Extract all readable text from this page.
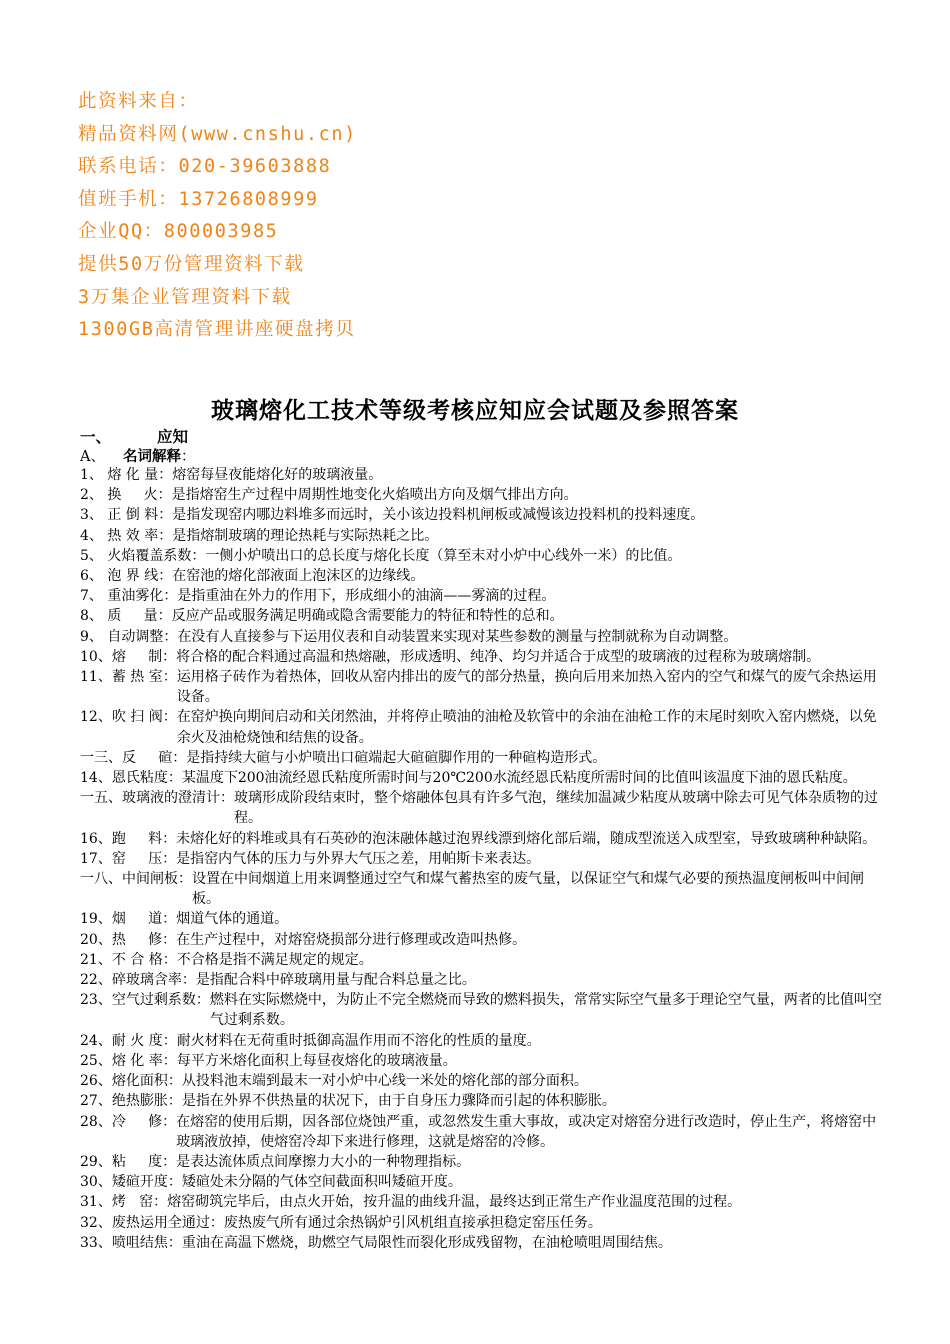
此资料来自：
精品资料网(www.cnshu.cn)
联系电话：020-39603888
值班手机：13726808999
企业QQ：800003985
提供50万份管理资料下载
3万集企业管理资料下载
1300GB高清管理讲座硬盘拷贝
玻璃熔化工技术等级考核应知应会试题及参照答案
一、	应知
A、 名词解释：
1、 熔 化 量： 熔窑每昼夜能熔化好的玻璃液量。
2、 换     火： 是指熔窑生产过程中周期性地变化火焰喷出方向及烟气排出方向。
3、 正 倒 料： 是指发现窑内哪边料堆多而远时，关小该边投料机闸板或减慢该边投料机的投料速度。
4、 热 效 率： 是指熔制玻璃的理论热耗与实际热耗之比。
5、 火焰覆盖系数： 一侧小炉喷出口的总长度与熔化长度（算至末对小炉中心线外一米）的比值。
6、 泡 界 线： 在窑池的熔化部液面上泡沫区的边缘线。
7、 重油雾化： 是指重油在外力的作用下，形成细小的油滴——雾滴的过程。
8、 质     量： 反应产品或服务满足明确或隐含需要能力的特征和特性的总和。
9、 自动调整： 在没有人直接参与下运用仪表和自动装置来实现对某些参数的测量与控制就称为自动调整。
10、熔     制： 将合格的配合料通过高温和热熔融，形成透明、纯净、均匀并适合于成型的玻璃液的过程称为玻璃熔制。
11、蓄 热 室： 运用格子砖作为着热体，回收从窑内排出的废气的部分热量，换向后用来加热入窑内的空气和煤气的废气余热运用设备。
12、吹 扫 阀： 在窑炉换向期间启动和关闭然油，并将停止喷油的油枪及软管中的余油在油枪工作的末尾时刻吹入窑内燃烧，以免余火及油枪烧蚀和结焦的设备。
一三、反     碹： 是指持续大碹与小炉喷出口碹端起大碹碹脚作用的一种碹构造形式。
14、恩氏粘度： 某温度下200油流经恩氏粘度所需时间与20℃200水流经恩氏粘度所需时间的比值叫该温度下油的恩氏粘度。
一五、玻璃液的澄清计： 玻璃形成阶段结束时，整个熔融体包具有许多气泡，继续加温减少粘度从玻璃中除去可见气体杂质物的过程。
16、跑     料： 未熔化好的料堆或具有石英砂的泡沫融体越过泡界线漂到熔化部后端，随成型流送入成型室，导致玻璃种种缺陷。
17、窑     压： 是指窑内气体的压力与外界大气压之差，用帕斯卡来表达。
一八、中间闸板： 设置在中间烟道上用来调整通过空气和煤气蓄热室的废气量，以保证空气和煤气必要的预热温度闸板叫中间闸板。
19、烟     道： 烟道气体的通道。
20、热     修： 在生产过程中，对熔窑烧损部分进行修理或改造叫热修。
21、不 合 格： 不合格是指不满足规定的规定。
22、碎玻璃含率： 是指配合料中碎玻璃用量与配合料总量之比。
23、空气过剩系数： 燃料在实际燃烧中，为防止不完全燃烧而导致的燃料损失，常常实际空气量多于理论空气量，两者的比值叫空气过剩系数。
24、耐 火 度： 耐火材料在无荷重时抵御高温作用而不溶化的性质的量度。
25、熔 化 率： 每平方米熔化面积上每昼夜熔化的玻璃液量。
26、熔化面积： 从投料池末端到最末一对小炉中心线一米处的熔化部的部分面积。
27、绝热膨胀： 是指在外界不供热量的状况下，由于自身压力骤降而引起的体积膨胀。
28、冷     修： 在熔窑的使用后期，因各部位烧蚀严重，或忽然发生重大事故，或决定对熔窑分进行改造时，停止生产，将熔窑中玻璃液放掉，使熔窑冷却下来进行修理，这就是熔窑的冷修。
29、粘     度： 是表达流体质点间摩擦力大小的一种物理指标。
30、矮碹开度： 矮碹处未分隔的气体空间截面积叫矮碹开度。
31、烤   窑： 熔窑砌筑完毕后，由点火开始，按升温的曲线升温，最终达到正常生产作业温度范围的过程。
32、废热运用全通过： 废热废气所有通过余热锅炉引风机组直接承担稳定窑压任务。
33、喷咀结焦： 重油在高温下燃烧，助燃空气局限性而裂化形成残留物，在油枪喷咀周围结焦。
